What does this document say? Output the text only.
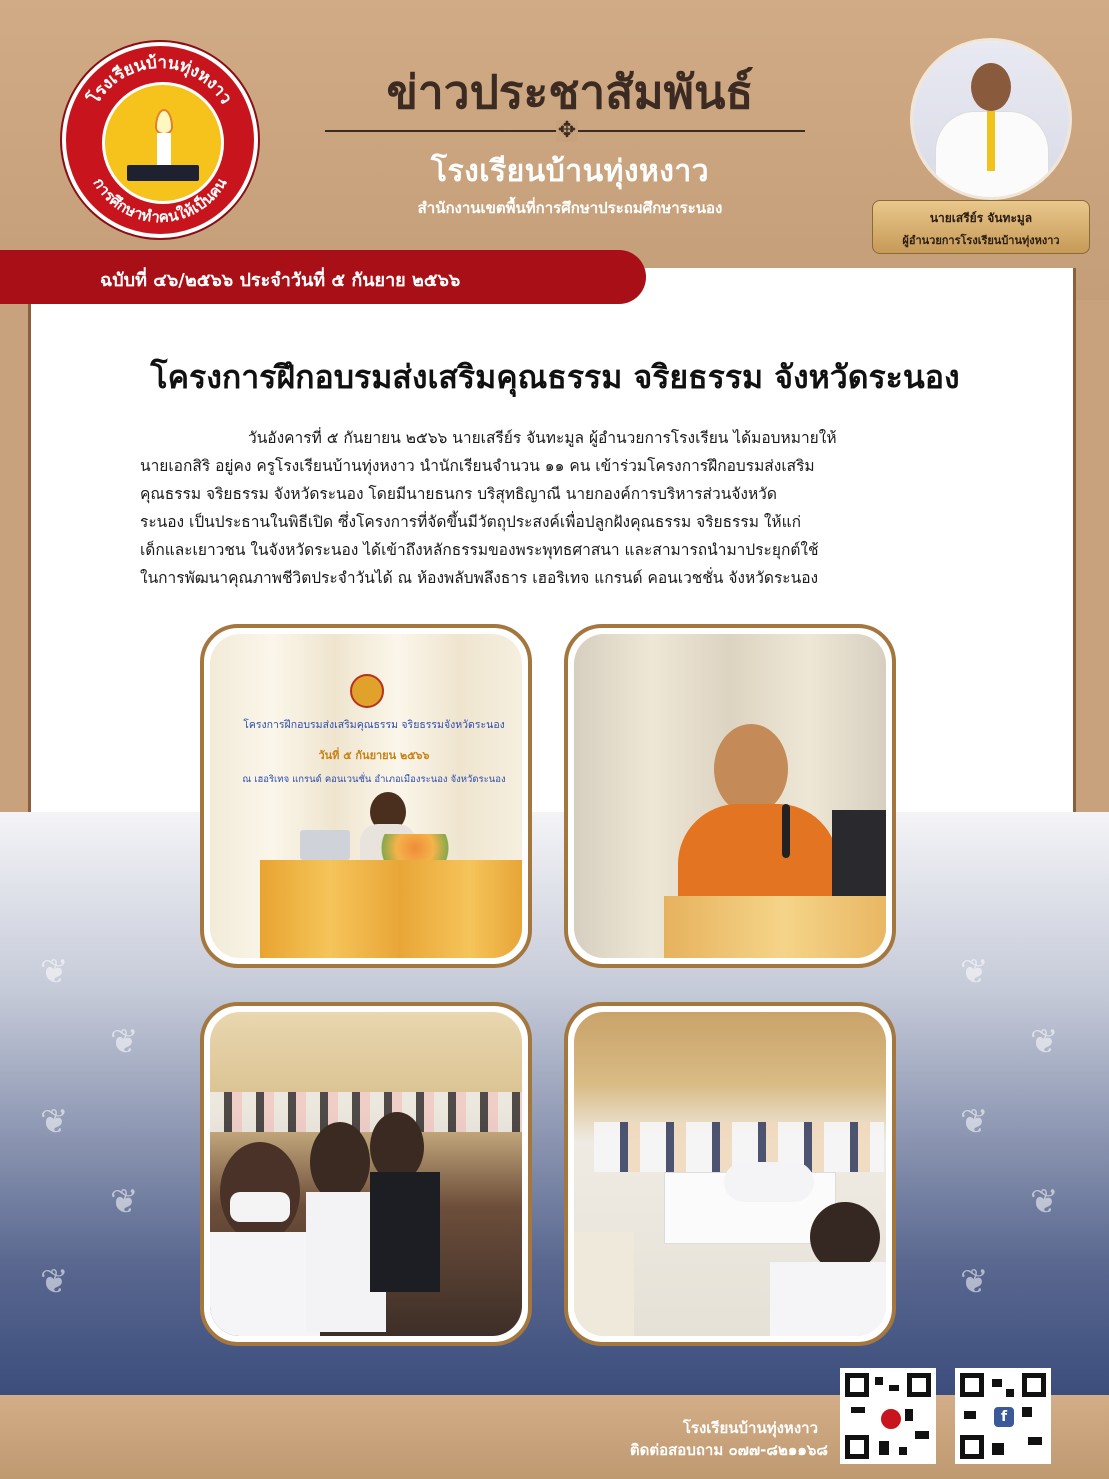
โรงเรียนบ้านทุ่งหงาว
การศึกษาทำคนให้เป็นคน
ข่าวประชาสัมพันธ์
✥
โรงเรียนบ้านทุ่งหงาว
สำนักงานเขตพื้นที่การศึกษาประถมศึกษาระนอง
นายเสรีย์ร จันทะมูล
ผู้อำนวยการโรงเรียนบ้านทุ่งหงาว
❦
❦
❦
❦
❦
❦
❦
❦
❦
❦
ฉบับที่ ๔๖/๒๕๖๖ ประจำวันที่ ๕ กันยาย ๒๕๖๖
โครงการฝึกอบรมส่งเสริมคุณธรรม จริยธรรม จังหวัดระนอง

วันอังคารที่ ๕ กันยายน ๒๕๖๖ นายเสรีย์ร จันทะมูล ผู้อำนวยการโรงเรียน ได้มอบหมายให้

นายเอกสิริ อยู่คง ครูโรงเรียนบ้านทุ่งหงาว นำนักเรียนจำนวน ๑๑ คน เข้าร่วมโครงการฝึกอบรมส่งเสริม

คุณธรรม จริยธรรม จังหวัดระนอง โดยมีนายธนกร บริสุทธิญาณี นายกองค์การบริหารส่วนจังหวัด

ระนอง เป็นประธานในพิธีเปิด ซึ่งโครงการที่จัดขึ้นมีวัตถุประสงค์เพื่อปลูกฝังคุณธรรม จริยธรรม ให้แก่

เด็กและเยาวชน ในจังหวัดระนอง ได้เข้าถึงหลักธรรมของพระพุทธศาสนา และสามารถนำมาประยุกต์ใช้

ในการพัฒนาคุณภาพชีวิตประจำวันได้ ณ ห้องพลับพลึงธาร เฮอริเทจ แกรนด์ คอนเวชชั่น จังหวัดระนอง

โครงการฝึกอบรมส่งเสริมคุณธรรม จริยธรรมจังหวัดระนอง
วันที่ ๕ กันยายน ๒๕๖๖
ณ เฮอริเทจ แกรนด์ คอนเวนชั่น อำเภอเมืองระนอง จังหวัดระนอง
โรงเรียนบ้านทุ่งหงาว
ติดต่อสอบถาม ๐๗๗-๘๒๑๑๖๘
f
